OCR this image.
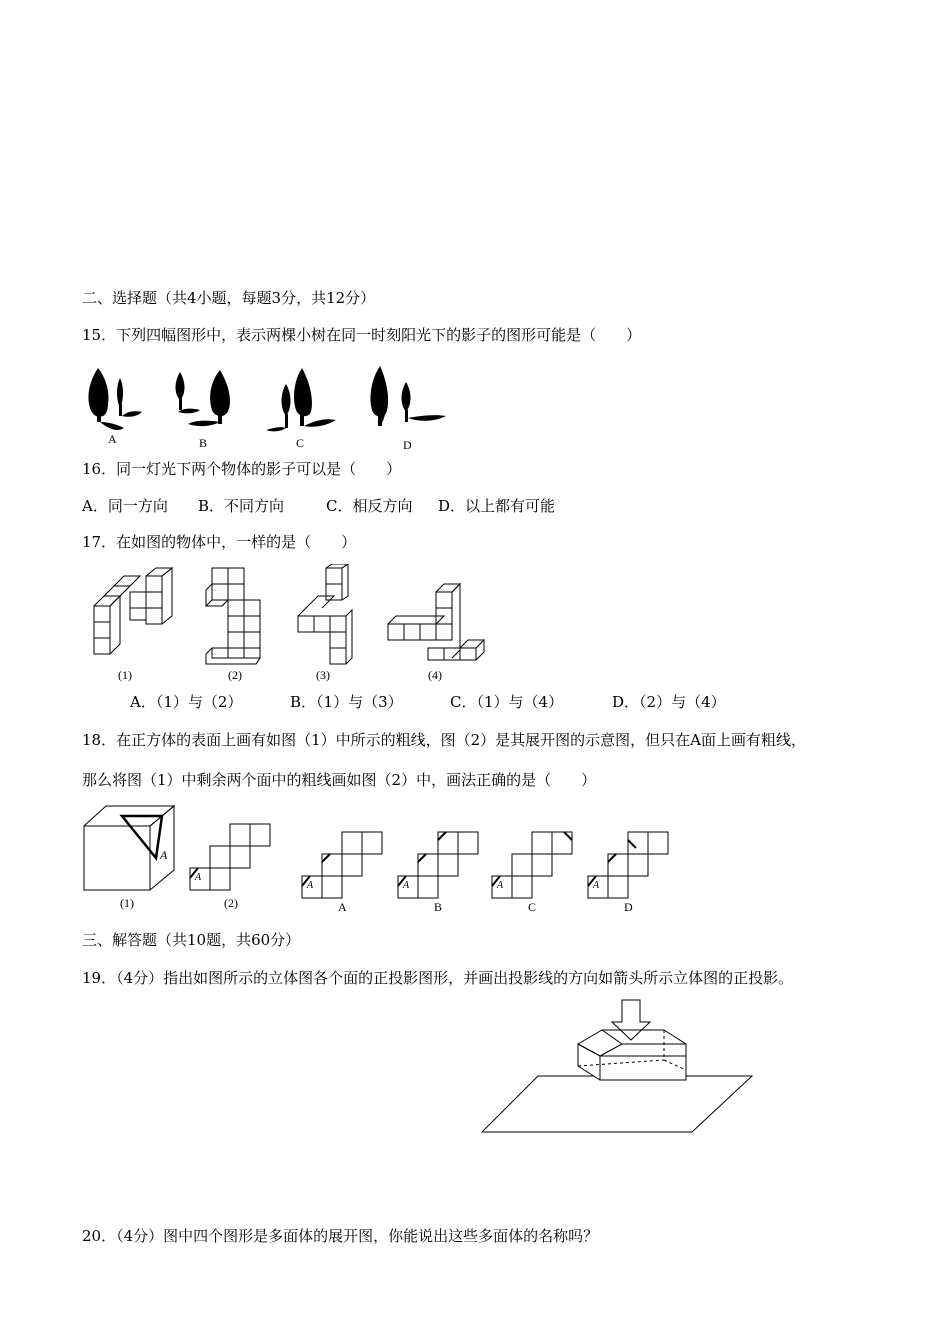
二、选择题（共4小题，每题3分，共12分）
15．下列四幅图形中，表示两棵小树在同一时刻阳光下的影子的图形可能是（　　）
A	B	C	D
16．同一灯光下两个物体的影子可以是（　　）
A．同一方向 B．不同方向	C．相反方向 D．以上都有可能
17．在如图的物体中，一样的是（　　）
(1)	(2)	(3)	(4)
A．（1）与（2）	B．（1）与（3）	C．（1）与（4）	D．（2）与（4）
18．在正方体的表面上画有如图（1）中所示的粗线，图（2）是其展开图的示意图，但只在A面上画有粗线，
那么将图（1）中剩余两个面中的粗线画如图（2）中，画法正确的是（　　）
A
A
A	A	A	A
(1)	(2)	A	B	C	D
三、解答题（共10题，共60分）
19．（4分）指出如图所示的立体图各个面的正投影图形，并画出投影线的方向如箭头所示立体图的正投影。
20．（4分）图中四个图形是多面体的展开图，你能说出这些多面体的名称吗？
